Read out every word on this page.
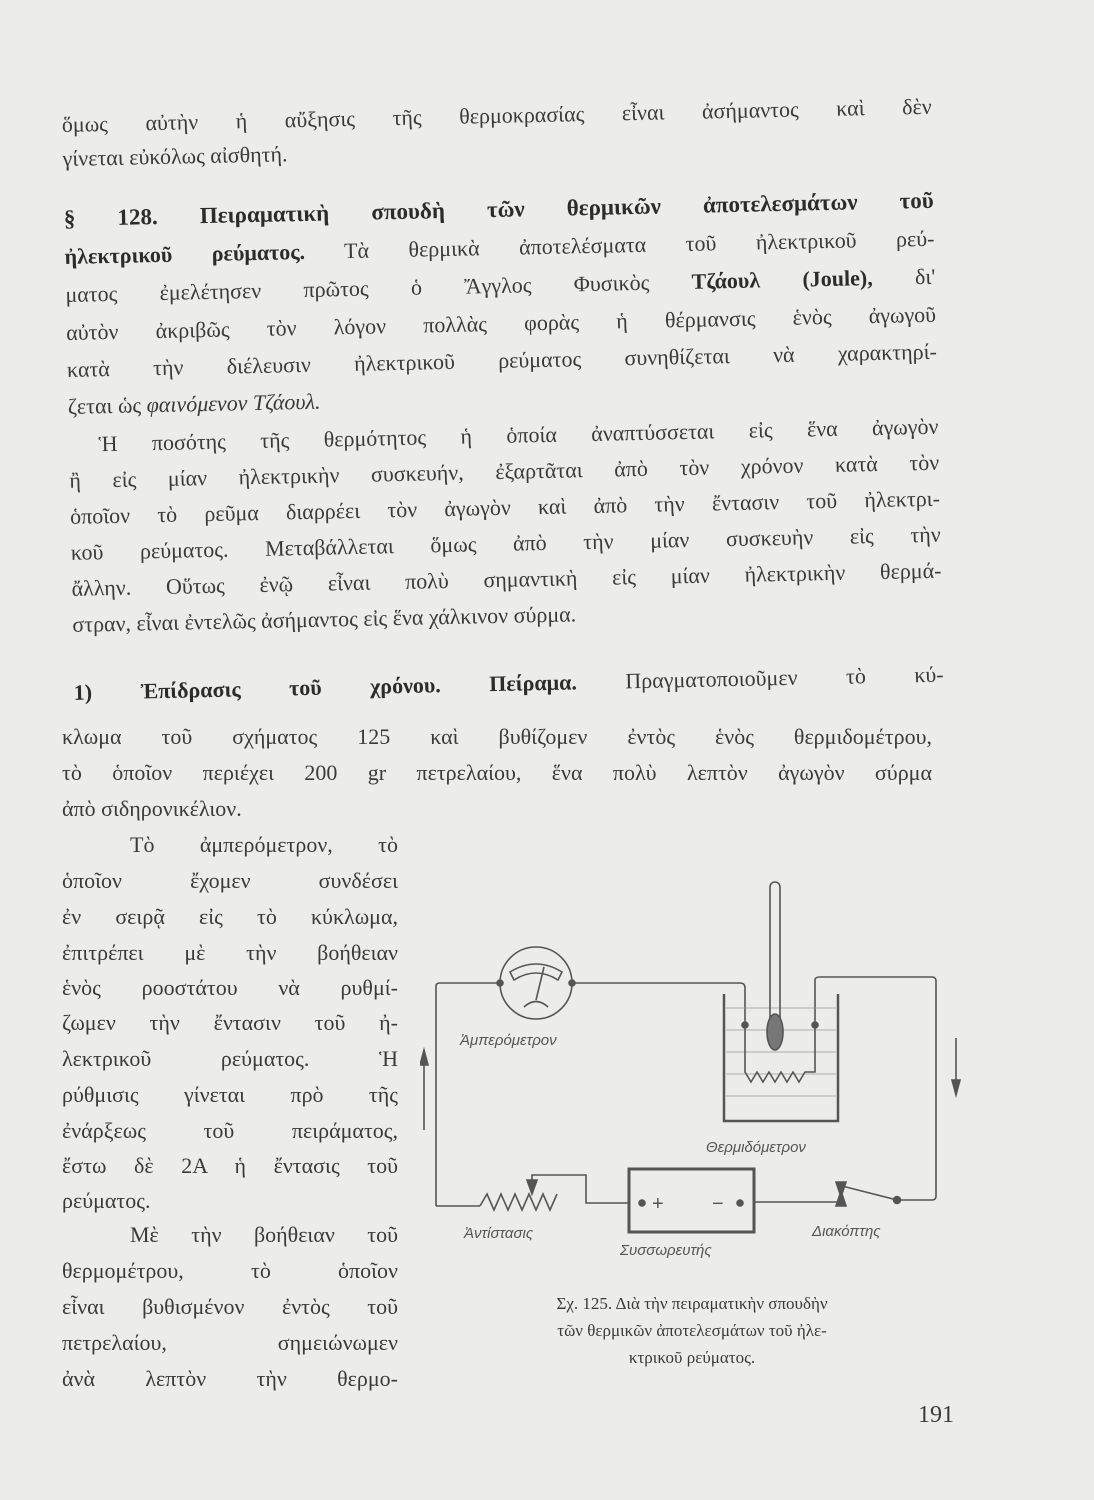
ὅμως αὐτὴν ἡ αὔξησις τῆς θερμοκρασίας εἶναι ἀσήμαντος καὶ δὲν
γίνεται εὐκόλως αἰσθητή.
§ 128. Πειραματικὴ σπουδὴ τῶν θερμικῶν ἀποτελεσμάτων τοῦ
ἠλεκτρικοῦ ρεύματος. Τὰ θερμικὰ ἀποτελέσματα τοῦ ἠλεκτρικοῦ ρεύ-
ματος ἐμελέτησεν πρῶτος ὁ Ἄγγλος Φυσικὸς Τζάουλ (Joule), δι'
αὐτὸν ἀκριβῶς τὸν λόγον πολλὰς φορὰς ἡ θέρμανσις ἑνὸς ἀγωγοῦ
κατὰ τὴν διέλευσιν ἠλεκτρικοῦ ρεύματος συνηθίζεται νὰ χαρακτηρί-
ζεται ὡς φαινόμενον Τζάουλ.
Ἡ ποσότης τῆς θερμότητος ἡ ὁποία ἀναπτύσσεται εἰς ἕνα ἀγωγὸν
ἢ εἰς μίαν ἠλεκτρικὴν συσκευήν, ἐξαρτᾶται ἀπὸ τὸν χρόνον κατὰ τὸν
ὁποῖον τὸ ρεῦμα διαρρέει τὸν ἀγωγὸν καὶ ἀπὸ τὴν ἔντασιν τοῦ ἠλεκτρι-
κοῦ ρεύματος. Μεταβάλλεται ὅμως ἀπὸ τὴν μίαν συσκευὴν εἰς τὴν
ἄλλην. Οὕτως ἐνῷ εἶναι πολὺ σημαντικὴ εἰς μίαν ἠλεκτρικὴν θερμά-
στραν, εἶναι ἐντελῶς ἀσήμαντος εἰς ἕνα χάλκινον σύρμα.
1) Ἐπίδρασις τοῦ χρόνου. Πείραμα. Πραγματοποιοῦμεν τὸ κύ-
κλωμα τοῦ σχήματος 125 καὶ βυθίζομεν ἐντὸς ἑνὸς θερμιδομέτρου,
τὸ ὁποῖον περιέχει 200 gr πετρελαίου, ἕνα πολὺ λεπτὸν ἀγωγὸν σύρμα
ἀπὸ σιδηρονικέλιον.
Τὸ ἀμπερόμετρον, τὸ
ὁποῖον ἔχομεν συνδέσει
ἐν σειρᾷ εἰς τὸ κύκλωμα,
ἐπιτρέπει μὲ τὴν βοήθειαν
ἑνὸς ροοστάτου νὰ ρυθμί-
ζωμεν τὴν ἔντασιν τοῦ ἠ-
λεκτρικοῦ ρεύματος. Ἡ
ρύθμισις γίνεται πρὸ τῆς
ἐνάρξεως τοῦ πειράματος,
ἔστω δὲ 2Α ἡ ἔντασις τοῦ
ρεύματος.
Μὲ τὴν βοήθειαν τοῦ
θερμομέτρου, τὸ ὁποῖον
εἶναι βυθισμένον ἐντὸς τοῦ
πετρελαίου, σημειώνωμεν
ἀνὰ λεπτὸν τὴν θερμο-
Ἀμπερόμετρον
Θερμιδόμετρον
Ἀντίστασις
Συσσωρευτής
Διακόπτης
+ −
Σχ. 125. Διὰ τὴν πειραματικὴν σπουδὴν
τῶν θερμικῶν ἀποτελεσμάτων τοῦ ἠλε-
κτρικοῦ ρεύματος.
191
